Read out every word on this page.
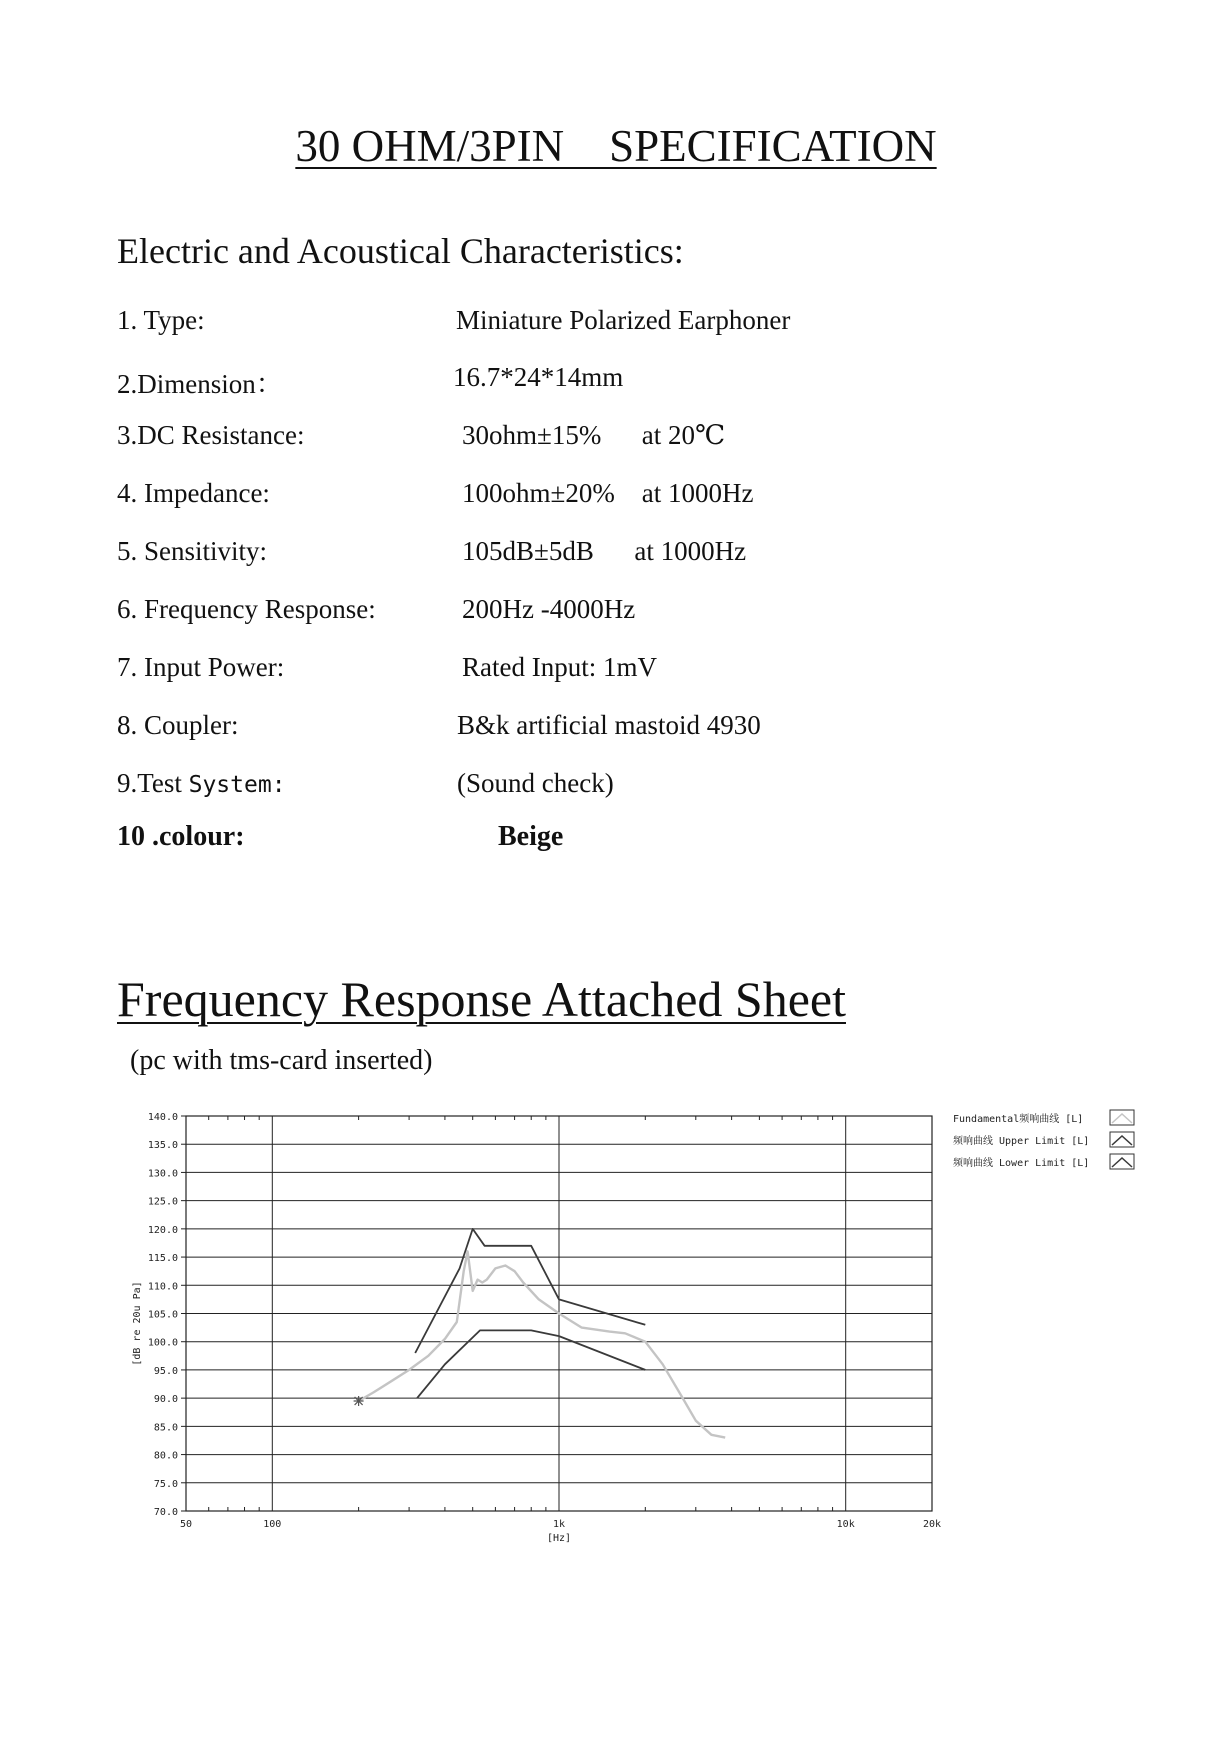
30 OHM/3PIN    SPECIFICATION
Electric and Acoustical Characteristics:
1. Type:	Miniature Polarized Earphoner
2.Dimension：	16.7*24*14mm
3.DC Resistance:	30ohm±15%      at 20℃
4. Impedance:	100ohm±20%    at 1000Hz
5. Sensitivity:	105dB±5dB      at 1000Hz
6. Frequency Response:	200Hz -4000Hz
7. Input Power:	Rated Input: 1mV
8. Coupler:	B&k artificial mastoid 4930
9.Test System:	(Sound check)
10 .colour:	Beige
Frequency Response Attached Sheet
(pc with tms-card inserted)
70.0
75.0
80.0
85.0
90.0
95.0
100.0
105.0
110.0
115.0
120.0
125.0
130.0
135.0
140.0
50	100	1k	10k	20k
[Hz]
[dB re 20u Pa]
Fundamental频响曲线 [L]
频响曲线 Upper Limit [L]
频响曲线 Lower Limit [L]
